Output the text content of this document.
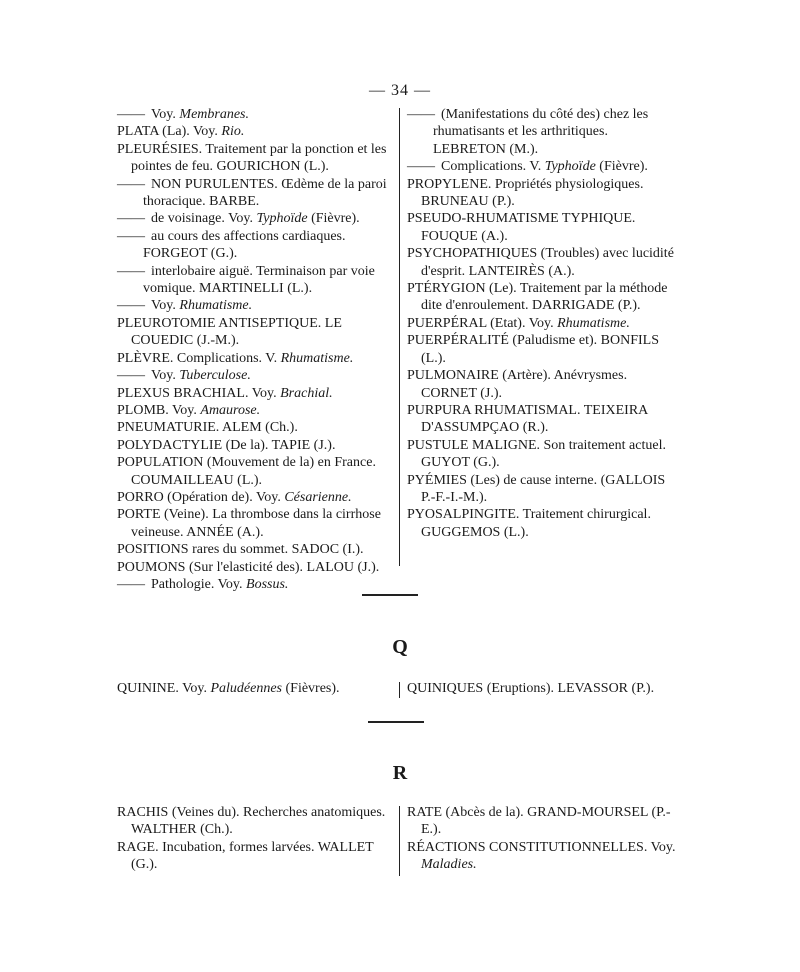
— 34 —

—— Voy. Membranes.

PLATA (La). Voy. Rio.

PLEURÉSIES. Traitement par la ponction et les pointes de feu. GOURICHON (L.).

—— NON PURULENTES. Œdème de la paroi thoracique. BARBE.

—— de voisinage. Voy. Typhoïde (Fièvre).

—— au cours des affections cardiaques. FORGEOT (G.).

—— interlobaire aiguë. Terminaison par voie vomique. MARTINELLI (L.).

—— Voy. Rhumatisme.

PLEUROTOMIE ANTISEPTIQUE. LE COUEDIC (J.-M.).

PLÈVRE. Complications. V. Rhumatisme.

—— Voy. Tuberculose.

PLEXUS BRACHIAL. Voy. Brachial.

PLOMB. Voy. Amaurose.

PNEUMATURIE. ALEM (Ch.).

POLYDACTYLIE (De la). TAPIE (J.).

POPULATION (Mouvement de la) en France. COUMAILLEAU (L.).

PORRO (Opération de). Voy. Césarienne.

PORTE (Veine). La thrombose dans la cirrhose veineuse. ANNÉE (A.).

POSITIONS rares du sommet. SADOC (I.).

POUMONS (Sur l'elasticité des). LALOU (J.).

—— Pathologie. Voy. Bossus.

—— (Manifestations du côté des) chez les rhumatisants et les arthritiques. LEBRETON (M.).

—— Complications. V. Typhoïde (Fièvre).

PROPYLENE. Propriétés physiologiques. BRUNEAU (P.).

PSEUDO-RHUMATISME TYPHIQUE. FOUQUE (A.).

PSYCHOPATHIQUES (Troubles) avec lucidité d'esprit. LANTEIRÈS (A.).

PTÉRYGION (Le). Traitement par la méthode dite d'enroulement. DARRIGADE (P.).

PUERPÉRAL (Etat). Voy. Rhumatisme.

PUERPÉRALITÉ (Paludisme et). BONFILS (L.).

PULMONAIRE (Artère). Anévrysmes. CORNET (J.).

PURPURA RHUMATISMAL. TEIXEIRA D'ASSUMPÇAO (R.).

PUSTULE MALIGNE. Son traitement actuel. GUYOT (G.).

PYÉMIES (Les) de cause interne. (GALLOIS P.-F.-I.-M.).

PYOSALPINGITE. Traitement chirurgical. GUGGEMOS (L.).

Q

QUININE. Voy. Paludéennes (Fièvres).	QUINIQUES (Eruptions). LEVASSOR (P.).

R

RACHIS (Veines du). Recherches anatomiques. WALTHER (Ch.).

RAGE. Incubation, formes larvées. WALLET (G.).

RATE (Abcès de la). GRAND-MOURSEL (P.-E.).

RÉACTIONS CONSTITUTIONNELLES. Voy. Maladies.
